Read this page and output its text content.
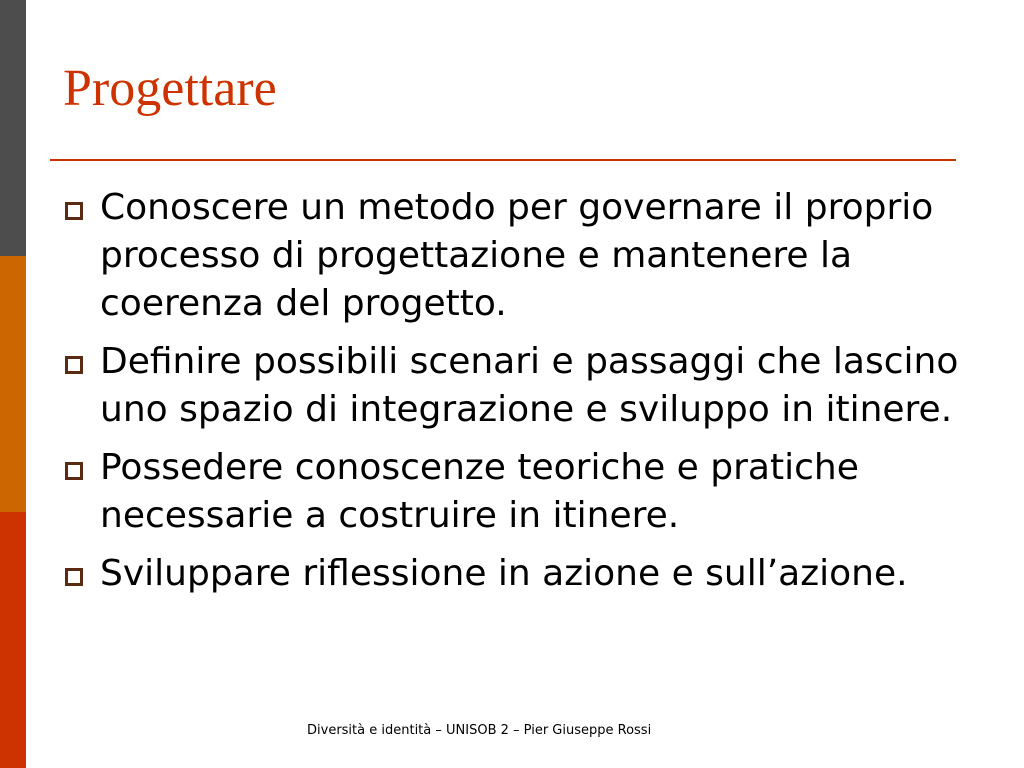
Progettare
Conoscere un metodo per governare il proprio processo di progettazione e mantenere la coerenza del progetto.
Definire possibili scenari e passaggi che lascino uno spazio di integrazione e sviluppo in itinere.
Possedere conoscenze teoriche e pratiche necessarie a costruire in itinere.
Sviluppare riflessione in azione e sull’azione.
Diversità e identità – UNISOB 2 – Pier Giuseppe Rossi
